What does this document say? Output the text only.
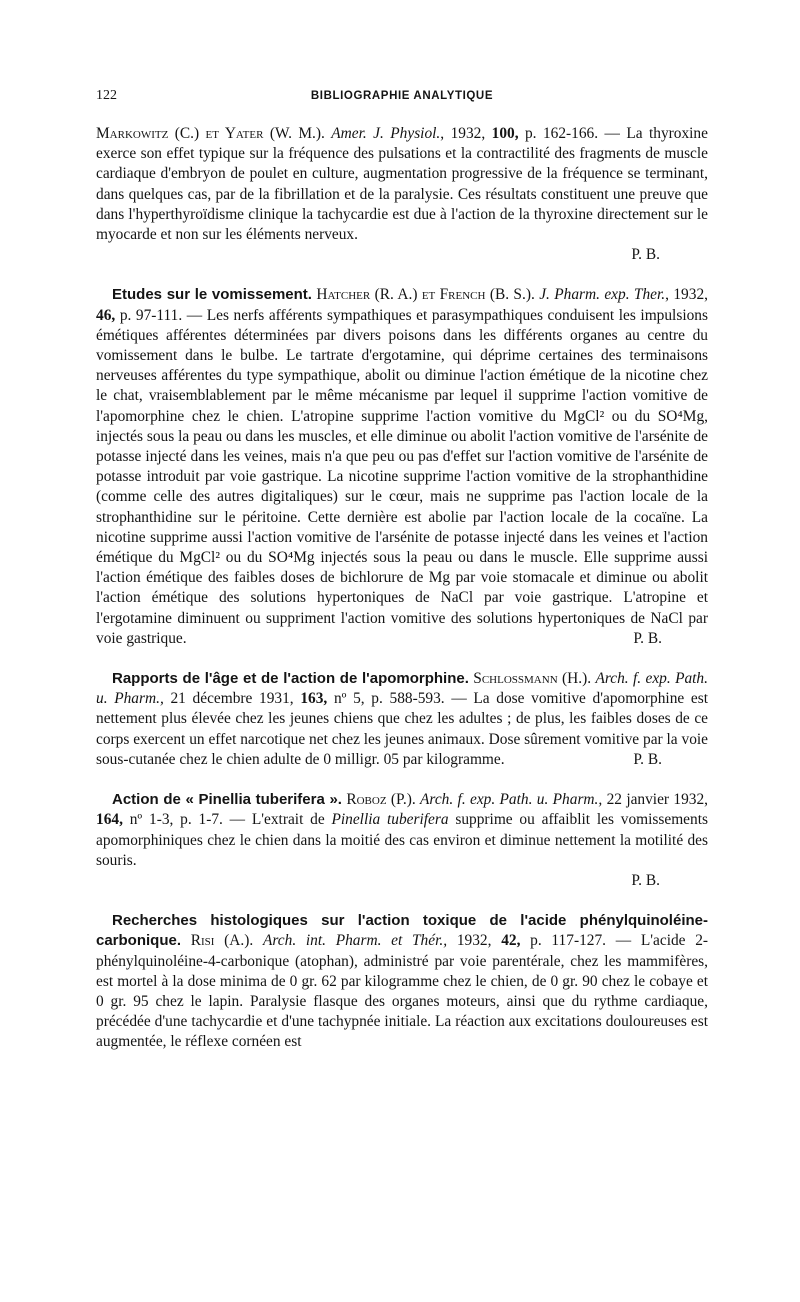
122	BIBLIOGRAPHIE ANALYTIQUE

Markowitz (C.) et Yater (W. M.). Amer. J. Physiol., 1932, 100, p. 162-166. — La thyroxine exerce son effet typique sur la fréquence des pulsations et la contractilité des fragments de muscle cardiaque d'embryon de poulet en culture, augmentation progressive de la fréquence se terminant, dans quelques cas, par de la fibrillation et de la paralysie. Ces résultats constituent une preuve que dans l'hyperthyroïdisme clinique la tachycardie est due à l'action de la thyroxine directement sur le myocarde et non sur les éléments nerveux.
P. B.

Etudes sur le vomissement. Hatcher (R. A.) et French (B. S.). J. Pharm. exp. Ther., 1932, 46, p. 97-111. — Les nerfs afférents sympathiques et parasympathiques conduisent les impulsions émétiques afférentes déterminées par divers poisons dans les différents organes au centre du vomissement dans le bulbe. Le tartrate d'ergotamine, qui déprime certaines des terminaisons nerveuses afférentes du type sympathique, abolit ou diminue l'action émétique de la nicotine chez le chat, vraisemblablement par le même mécanisme par lequel il supprime l'action vomitive de l'apomorphine chez le chien. L'atropine supprime l'action vomitive du MgCl² ou du SO⁴Mg, injectés sous la peau ou dans les muscles, et elle diminue ou abolit l'action vomitive de l'arsénite de potasse injecté dans les veines, mais n'a que peu ou pas d'effet sur l'action vomitive de l'arsénite de potasse introduit par voie gastrique. La nicotine supprime l'action vomitive de la strophanthidine (comme celle des autres digitaliques) sur le cœur, mais ne supprime pas l'action locale de la strophanthidine sur le péritoine. Cette dernière est abolie par l'action locale de la cocaïne. La nicotine supprime aussi l'action vomitive de l'arsénite de potasse injecté dans les veines et l'action émétique du MgCl² ou du SO⁴Mg injectés sous la peau ou dans le muscle. Elle supprime aussi l'action émétique des faibles doses de bichlorure de Mg par voie stomacale et diminue ou abolit l'action émétique des solutions hypertoniques de NaCl par voie gastrique. L'atropine et l'ergotamine diminuent ou suppriment l'action vomitive des solutions hypertoniques de NaCl par voie gastrique.	P. B.

Rapports de l'âge et de l'action de l'apomorphine. Schlossmann (H.). Arch. f. exp. Path. u. Pharm., 21 décembre 1931, 163, nº 5, p. 588-593. — La dose vomitive d'apomorphine est nettement plus élevée chez les jeunes chiens que chez les adultes ; de plus, les faibles doses de ce corps exercent un effet narcotique net chez les jeunes animaux. Dose sûrement vomitive par la voie sous-cutanée chez le chien adulte de 0 milligr. 05 par kilogramme.	P. B.

Action de « Pinellia tuberifera ». Roboz (P.). Arch. f. exp. Path. u. Pharm., 22 janvier 1932, 164, nº 1-3, p. 1-7. — L'extrait de Pinellia tuberifera supprime ou affaiblit les vomissements apomorphiniques chez le chien dans la moitié des cas environ et diminue nettement la motilité des souris.
P. B.

Recherches histologiques sur l'action toxique de l'acide phénylquinoléine-carbonique. Risi (A.). Arch. int. Pharm. et Thér., 1932, 42, p. 117-127. — L'acide 2-phénylquinoléine-4-carbonique (atophan), administré par voie parentérale, chez les mammifères, est mortel à la dose minima de 0 gr. 62 par kilogramme chez le chien, de 0 gr. 90 chez le cobaye et 0 gr. 95 chez le lapin. Paralysie flasque des organes moteurs, ainsi que du rythme cardiaque, précédée d'une tachycardie et d'une tachypnée initiale. La réaction aux excitations douloureuses est augmentée, le réflexe cornéen est
